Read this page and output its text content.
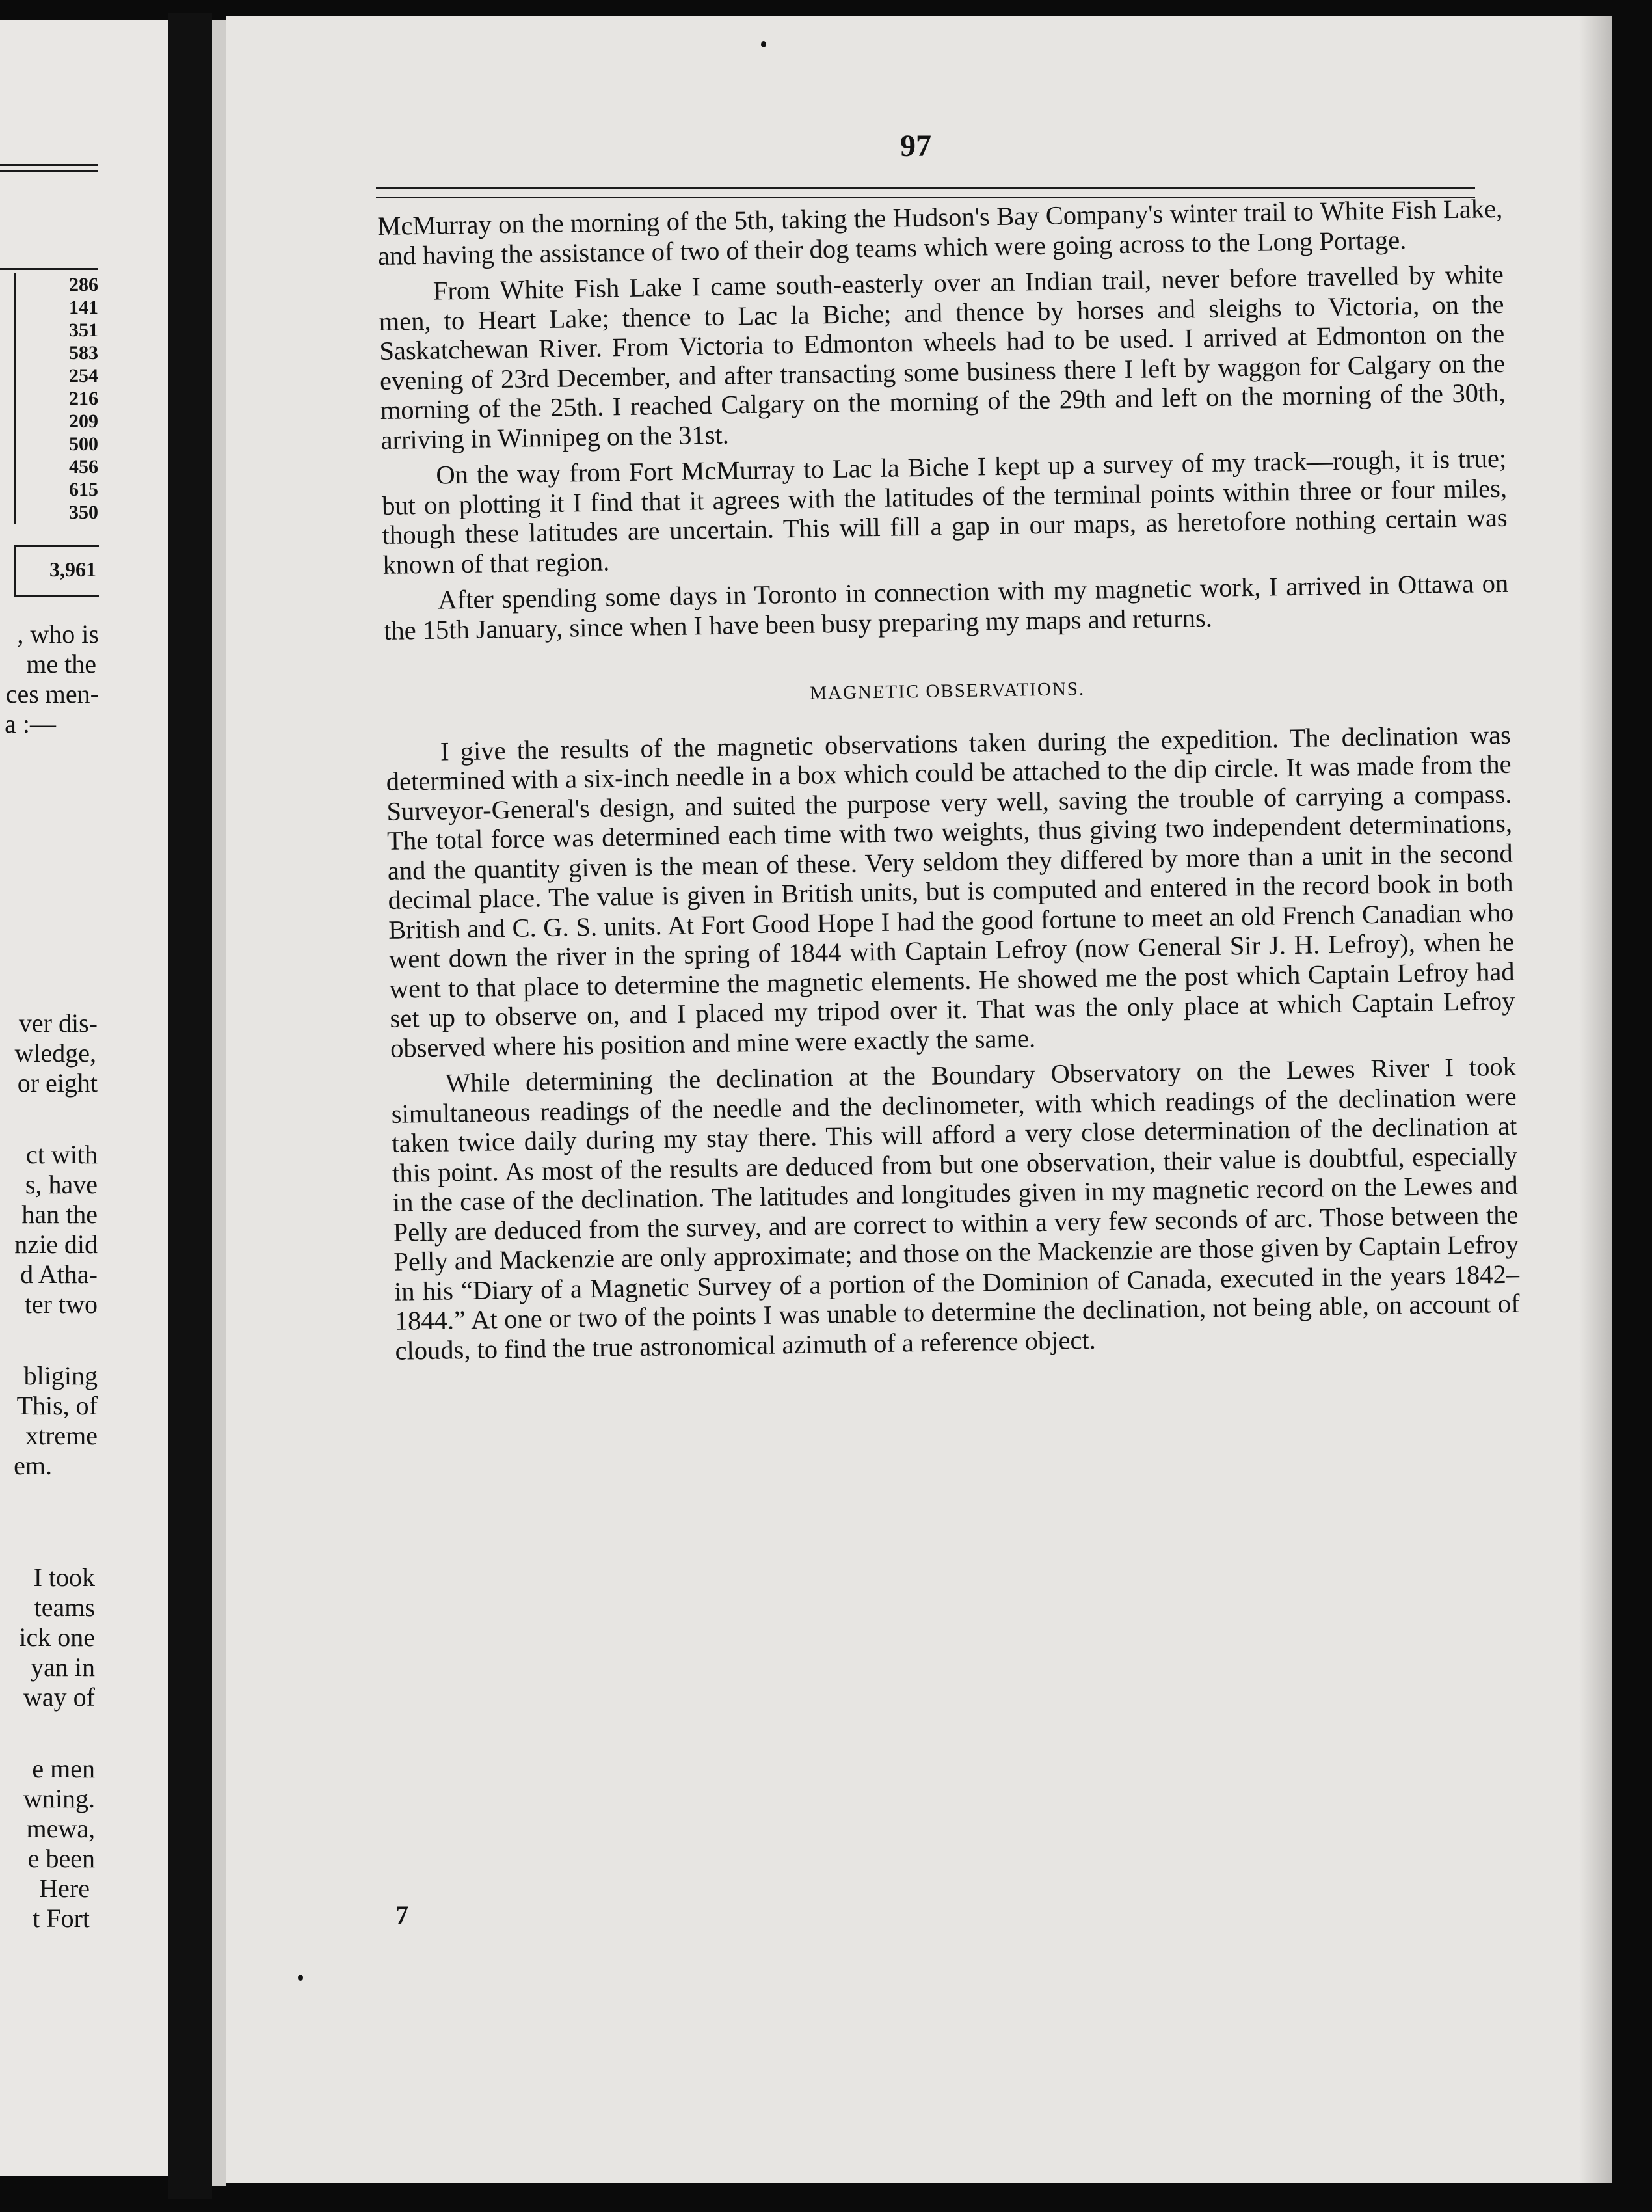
286
141
351
583
254
216
209
500
456
615
350
3,961
, who is
me the
ces men-
a :—
ver dis-
wledge,
or eight
ct with
s, have
han the
nzie did
d Atha-
ter two
bliging
This, of
xtreme
em.
I took
teams
ick one
yan in
way of
e men
wning.
mewa,
e been
Here
t Fort
97

McMurray on the morning of the 5th, taking the Hudson's Bay Company's winter trail to White Fish Lake, and having the assistance of two of their dog teams which were going across to the Long Portage.

From White Fish Lake I came south-easterly over an Indian trail, never before travelled by white men, to Heart Lake; thence to Lac la Biche; and thence by horses and sleighs to Victoria, on the Saskatchewan River. From Victoria to Edmonton wheels had to be used. I arrived at Edmonton on the evening of 23rd December, and after transacting some business there I left by waggon for Calgary on the morning of the 25th. I reached Calgary on the morning of the 29th and left on the morning of the 30th, arriving in Winnipeg on the 31st.

On the way from Fort McMurray to Lac la Biche I kept up a survey of my track—rough, it is true; but on plotting it I find that it agrees with the latitudes of the terminal points within three or four miles, though these latitudes are uncertain. This will fill a gap in our maps, as heretofore nothing certain was known of that region.

After spending some days in Toronto in connection with my magnetic work, I arrived in Ottawa on the 15th January, since when I have been busy preparing my maps and returns.

MAGNETIC OBSERVATIONS.

I give the results of the magnetic observations taken during the expedition. The declination was determined with a six-inch needle in a box which could be attached to the dip circle. It was made from the Surveyor-General's design, and suited the purpose very well, saving the trouble of carrying a compass. The total force was determined each time with two weights, thus giving two independent determinations, and the quantity given is the mean of these. Very seldom they differed by more than a unit in the second decimal place. The value is given in British units, but is computed and entered in the record book in both British and C. G. S. units. At Fort Good Hope I had the good fortune to meet an old French Canadian who went down the river in the spring of 1844 with Captain Lefroy (now General Sir J. H. Lefroy), when he went to that place to determine the magnetic elements. He showed me the post which Captain Lefroy had set up to observe on, and I placed my tripod over it. That was the only place at which Captain Lefroy observed where his position and mine were exactly the same.

While determining the declination at the Boundary Observatory on the Lewes River I took simultaneous readings of the needle and the declinometer, with which readings of the declination were taken twice daily during my stay there. This will afford a very close determination of the declination at this point. As most of the results are deduced from but one observation, their value is doubtful, especially in the case of the declination. The latitudes and longitudes given in my magnetic record on the Lewes and Pelly are deduced from the survey, and are correct to within a very few seconds of arc. Those between the Pelly and Mackenzie are only approximate; and those on the Mackenzie are those given by Captain Lefroy in his “Diary of a Magnetic Survey of a portion of the Dominion of Canada, executed in the years 1842–1844.” At one or two of the points I was unable to determine the declination, not being able, on account of clouds, to find the true astronomical azimuth of a reference object.

7
